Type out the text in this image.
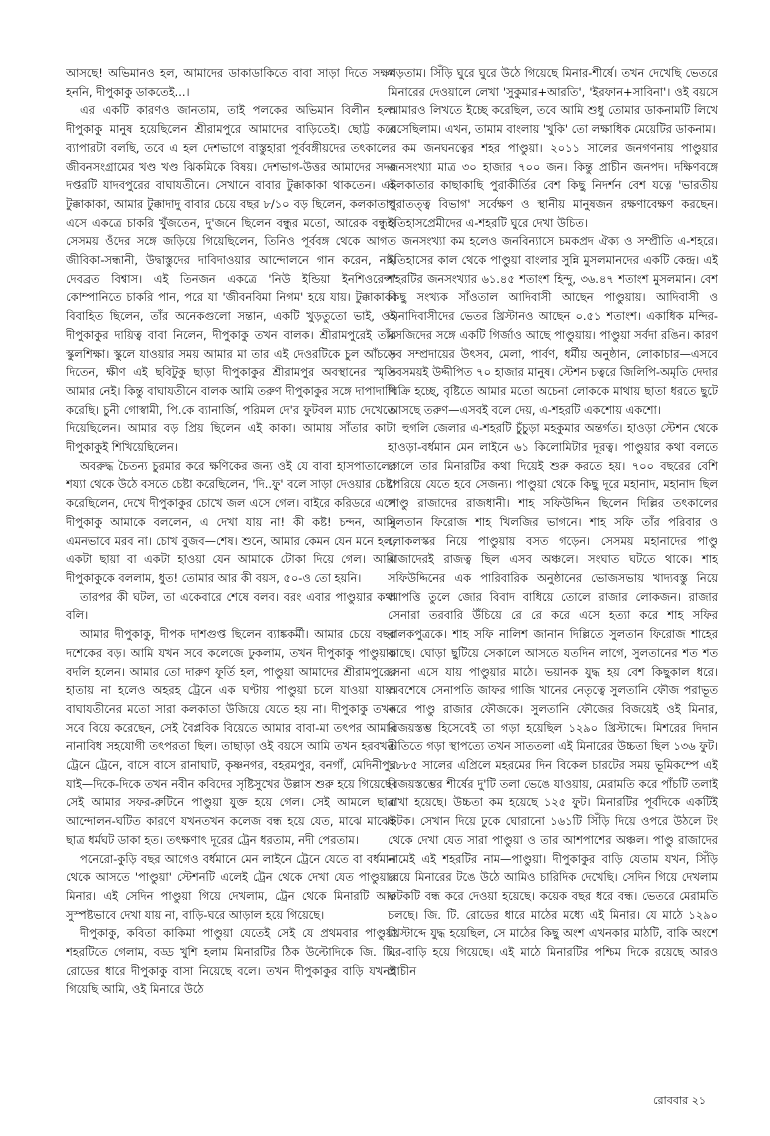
আসছে! অভিমানও হল, আমাদের ডাকাডাকিতে বাবা সাড়া দিতে সক্ষম হননি, দীপুকাকু ডাকতেই...।

এর একটি কারণও জানতাম, তাই পলকের অভিমান বিলীন হল। দীপুকাকু মানুষ হয়েছিলেন শ্রীরামপুরে আমাদের বাড়িতেই। ছোট্ট করে ব্যাপারটা বলছি, তবে এ হল দেশভাগে বাস্তুহারা পূর্ববঙ্গীয়দের তৎকালের জীবনসংগ্রামের খণ্ড খণ্ড ঝিকমিকে বিষয়। দেশভাগ-উত্তর আমাদের সদর দপ্তরটি যাদবপুরের বাঘাযতীনে। সেখানে বাবার টুক্কাকাকা থাকতেন। এই টুক্কাকাকা, আমার টুক্কাদাদু বাবার চেয়ে বছর ৮/১০ বড় ছিলেন, কলকাতায় এসে একত্রে চাকরি খুঁজতেন, দু'জনে ছিলেন বন্ধুর মতো, আরেক বন্ধুও সেসময় ওঁদের সঙ্গে জড়িয়ে গিয়েছিলেন, তিনিও পূর্ববঙ্গ থেকে আগত জীবিকা-সন্ধানী, উদ্বাস্তুদের দাবিদাওয়ার আন্দোলনে গান করেন, নাম দেবব্রত বিশ্বাস। এই তিনজন একত্রে 'নিউ ইন্ডিয়া ইনশিওরেন্স' কোম্পানিতে চাকরি পান, পরে যা 'জীবনবিমা নিগম' হয়ে যায়। টুক্কাকাকা বিবাহিত ছিলেন, তাঁর অনেকগুলো সন্তান, একটি খুড়তুতো ভাই, ওই দীপুকাকুর দায়িত্ব বাবা নিলেন, দীপুকাকু তখন বালক। শ্রীরামপুরেই তাঁর স্কুলশিক্ষা। স্কুলে যাওয়ার সময় আমার মা তার এই দেওরটিকে চুল আঁচড়ে দিতেন, ক্ষীণ এই ছবিটুকু ছাড়া দীপুকাকুর শ্রীরামপুর অবস্থানের স্মৃতি আমার নেই। কিন্তু বাঘাযতীনে বালক আমি তরুণ দীপুকাকুর সঙ্গে দাপাদাপি করেছি। চুনী গোস্বামী, পি.কে ব্যানার্জি, পরিমল দে'র ফুটবল ম্যাচ দেখেতে দিয়েছিলেন। আমার বড় প্রিয় ছিলেন এই কাকা। আমায় সাঁতার কাটা দীপুকাকুই শিখিয়েছিলেন।

অবরুদ্ধ চৈতন্য চুরমার করে ক্ষণিকের জন্য ওই যে বাবা হাসপাতালের শয্যা থেকে উঠে বসতে চেষ্টা করেছিলেন, 'দি..ফু' বলে সাড়া দেওয়ার চেষ্টা করেছিলেন, দেখে দীপুকাকুর চোখে জল এসে গেল। বাইরে করিডরে এসে দীপুকাকু আমাকে বললেন, এ দেখা যায় না! কী কষ্ট! চন্দন, আমি এমনভাবে মরব না। চোখ বুজব—শেষ। শুনে, আমার কেমন যেন মনে হল, একটা ছায়া বা একটা হাওয়া যেন আমাকে টোকা দিয়ে গেল। আমি দীপুকাকুকে বললাম, ধুত! তোমার আর কী বয়স, ৫০-ও তো হয়নি।

তারপর কী ঘটল, তা একেবারে শেষে বলব। বরং এবার পাণ্ডুয়ার কথা বলি।

আমার দীপুকাকু, দীপক দাশগুপ্ত ছিলেন ব্যাঙ্ককর্মী। আমার চেয়ে বছর দশেকের বড়। আমি যখন সবে কলেজে ঢুকলাম, তখন দীপুকাকু পাণ্ডুয়ায় বদলি হলেন। আমার তো দারুণ ফূর্তি হল, পাণ্ডুয়া আমাদের শ্রীরামপুরের হাতায় না হলেও অহরহ ট্রেনে এক ঘণ্টায় পাণ্ডুয়া চলে যাওয়া যায়। বাঘাযতীনের মতো সারা কলকাতা উজিয়ে যেতে হয় না। দীপুকাকু তখন সবে বিয়ে করেছেন, সেই বৈপ্লবিক বিয়েতে আমার বাবা-মা তৎপর আমার নানাবিধ সহযোগী তৎপরতা ছিল। তাছাড়া ওই বয়সে আমি তখন হরবখত ট্রেনে ট্রেনে, বাসে বাসে রানাঘাট, কৃষ্ণনগর, বহরমপুর, বনগাঁ, মেদিনীপুর যাই—দিকে-দিকে তখন নবীন কবিদের সৃষ্টিসুখের উল্লাস শুরু হয়ে গিয়েছে। সেই আমার সফর-রুটিনে পাণ্ডুয়া যুক্ত হয়ে গেল। সেই আমলে ছাত্র আন্দোলন-ঘটিত কারণে যখনতখন কলেজ বন্ধ হয়ে যেত, মাঝে মাঝেই ছাত্র ধর্মঘট ডাকা হত। তৎক্ষণাৎ দূরের ট্রেন ধরতাম, নদী পেরতাম।

পনেরো-কুড়ি বছর আগেও বর্ধমানে মেন লাইনে ট্রেনে যেতে বা বর্ধমান থেকে আসতে 'পাণ্ডুয়া' স্টেশনটি এলেই ট্রেন থেকে দেখা যেত পাণ্ডুয়ার মিনার। এই সেদিন পাণ্ডুয়া গিয়ে দেখলাম, ট্রেন থেকে মিনারটি আর সুস্পষ্টভাবে দেখা যায় না, বাড়ি-ঘরে আড়াল হয়ে গিয়েছে।

দীপুকাকু, কবিতা কাকিমা পাণ্ডুয়া যেতেই সেই যে প্রথমবার পাণ্ডুয়া শহরটিতে গেলাম, বড্ড খুশি হলাম মিনারটির ঠিক উল্টোদিকে জি. টি. রোডের ধারে দীপুকাকু বাসা নিয়েছে বলে। তখন দীপুকাকুর বাড়ি যখনই গিয়েছি আমি, ওই মিনারে উঠে

পড়তাম। সিঁড়ি ঘুরে ঘুরে উঠে গিয়েছে মিনার-শীর্ষে। তখন দেখেছি ভেতরে মিনারের দেওয়ালে লেখা 'সুকুমার+আরতি', 'ইরফান+সাবিনা'। ওই বয়সে আমারও লিখতে ইচ্ছে করেছিল, তবে আমি শুধু তোমার ডাকনামটি লিখে এসেছিলাম। এখন, তামাম বাংলায় 'খুকি' তো লক্ষাধিক মেয়েটির ডাকনাম।

কম জনঘনত্বের শহর পাণ্ডুয়া। ২০১১ সালের জনগণনায় পাণ্ডুয়ার জনসংখ্যা মাত্র ৩০ হাজার ৭০০ জন। কিন্তু প্রাচীন জনপদ। দক্ষিণবঙ্গে কলকাতার কাছাকাছি পুরাকীর্তির বেশ কিছু নিদর্শন বেশ যত্নে 'ভারতীয় পুরাতত্ত্ব বিভাগ' সর্বেক্ষণ ও স্থানীয় মানুষজন রক্ষণাবেক্ষণ করছেন। ইতিহাসপ্রেমীদের এ-শহরটি ঘুরে দেখা উচিত।

জনসংখ্যা কম হলেও জনবিন্যাসে চমকপ্রদ ঐক্য ও সম্প্রীতি এ-শহরে। ইতিহাসের কাল থেকে পাণ্ডুয়া বাংলার সুন্নি মুসলমানদের একটি কেন্দ্র। এই শহরটির জনসংখ্যার ৬১.৪৫ শতাংশ হিন্দু, ৩৬.৪৭ শতাংশ মুসলমান। বেশ কিছু সংখ্যক সাঁওতাল আদিবাসী আছেন পাণ্ডুয়ায়। আদিবাসী ও অনাদিবাসীদের ভেতর খ্রিস্টানও আছেন ০.৫১ শতাংশ। একাধিক মন্দির-মসজিদের সঙ্গে একটি গির্জাও আছে পাণ্ডুয়ায়। পাণ্ডুয়া সর্বদা রঙিন। কারণ সব সম্প্রদায়ের উৎসব, মেলা, পার্বণ, ধর্মীয় অনুষ্ঠান, লোকাচার—এসবে সবসময়ই উদ্দীপিত ৭০ হাজার মানুষ। স্টেশন চত্বরে জিলিপি-অমৃতি দেদার বিক্রি হচ্ছে, বৃষ্টিতে আমার মতো অচেনা লোককে মাথায় ছাতা ধরতে ছুটে আসছে তরুণ—এসবই বলে দেয়, এ-শহরটি একশোয় একশো।

হুগলি জেলার এ-শহরটি চুঁচুড়া মহকুমার অন্তর্গত। হাওড়া স্টেশন থেকে হাওড়া-বর্ধমান মেন লাইনে ৬১ কিলোমিটার দূরত্ব। পাণ্ডুয়ার কথা বলতে গেলে তার মিনারটির কথা দিয়েই শুরু করতে হয়। ৭০০ বছরের বেশি পেরিয়ে যেতে হবে সেজন্য। পাণ্ডুয়া থেকে কিছু দূরে মহানাদ, মহানাদ ছিল পাণ্ডু রাজাদের রাজধানী। শাহ সফিউদ্দিন ছিলেন দিল্লির তৎকালের সুলতান ফিরোজ শাহ খিলজির ভাগনে। শাহ সফি তাঁর পরিবার ও লোকলস্কর নিয়ে পাণ্ডুয়ায় বসত গড়েন। সেসময় মহানাদের পাণ্ডু রাজাদেরই রাজত্ব ছিল এসব অঞ্চলে। সংঘাত ঘটতে থাকে। শাহ সফিউদ্দিনের এক পারিবারিক অনুষ্ঠানের ভোজসভায় খাদ্যবস্তু নিয়ে আপত্তি তুলে জোর বিবাদ বাধিয়ে তোলে রাজার লোকজন। রাজার সেনারা তরবারি উঁচিয়ে রে রে করে এসে হত্যা করে শাহ সফির বালকপুত্রকে। শাহ সফি নালিশ জানান দিল্লিতে সুলতান ফিরোজ শাহের কাছে। ঘোড়া ছুটিয়ে সেকালে আসতে যতদিন লাগে, সুলতানের শত শত সেনা এসে যায় পাণ্ডুয়ার মাঠে। ভয়ানক যুদ্ধ হয় বেশ কিছুকাল ধরে। অবশেষে সেনাপতি জাফর গাজি খানের নেতৃত্বে সুলতানি ফৌজ পরাভূত করে পাণ্ডু রাজার ফৌজকে। সুলতানি ফৌজের বিজয়েই ওই মিনার, বিজয়স্তম্ভ হিসেবেই তা গড়া হয়েছিল ১২৯০ খ্রিস্টাব্দে। মিশরের দিদান রীতিতে গড়া স্থাপত্যে তখন সাততলা এই মিনারের উচ্চতা ছিল ১৩৬ ফুট। ১৮৮৫ সালের এপ্রিলে মহরমের দিন বিকেল চারটের সময় ভূমিকম্পে এই বিজয়স্তম্ভের শীর্ষের দু'টি তলা ভেঙে যাওয়ায়, মেরামতি করে পাঁচটি তলাই রাখা হয়েছে। উচ্চতা কম হয়েছে ১২৫ ফুট। মিনারটির পূর্বদিকে একটিই ফটক। সেখান দিয়ে ঢুকে ঘোরানো ১৬১টি সিঁড়ি দিয়ে ওপরে উঠলে টং থেকে দেখা যেত সারা পাণ্ডুয়া ও তার আশপাশের অঞ্চল। পাণ্ডু রাজাদের নামেই এই শহরটির নাম—পাণ্ডুয়া। দীপুকাকুর বাড়ি যেতাম যখন, সিঁড়ি বেয়ে মিনারের টঙে উঠে আমিও চারিদিক দেখেছি। সেদিন গিয়ে দেখলাম ফটকটি বন্ধ করে দেওয়া হয়েছে। কয়েক বছর ধরে বন্ধ। ভেতরে মেরামতি চলছে। জি. টি. রোডের ধারে মাঠের মধ্যে এই মিনার। যে মাঠে ১২৯০ খ্রিস্টাব্দে যুদ্ধ হয়েছিল, সে মাঠের কিছু অংশ এখনকার মাঠটি, বাকি অংশে ঘর-বাড়ি হয়ে গিয়েছে। এই মাঠে মিনারটির পশ্চিম দিকে রয়েছে আরও প্রাচীন

রোববার ২১
